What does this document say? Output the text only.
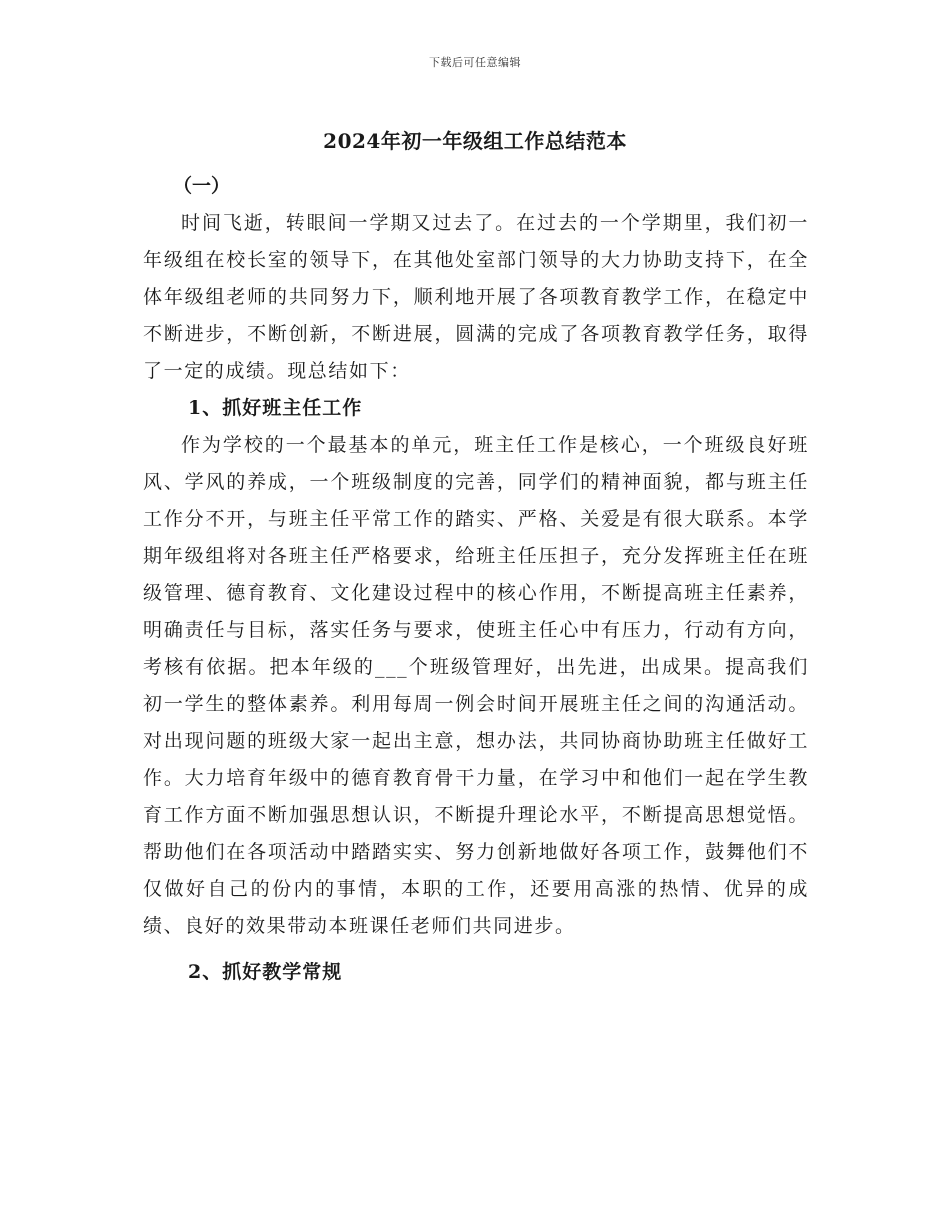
下载后可任意编辑
2024年初一年级组工作总结范本
（一）

时间飞逝，转眼间一学期又过去了。在过去的一个学期里，我们初一年级组在校长室的领导下，在其他处室部门领导的大力协助支持下，在全体年级组老师的共同努力下，顺利地开展了各项教育教学工作，在稳定中不断进步，不断创新，不断进展，圆满的完成了各项教育教学任务，取得了一定的成绩。现总结如下：

1、抓好班主任工作

作为学校的一个最基本的单元，班主任工作是核心，一个班级良好班风、学风的养成，一个班级制度的完善，同学们的精神面貌，都与班主任工作分不开，与班主任平常工作的踏实、严格、关爱是有很大联系。本学期年级组将对各班主任严格要求，给班主任压担子，充分发挥班主任在班级管理、德育教育、文化建设过程中的核心作用，不断提高班主任素养，明确责任与目标，落实任务与要求，使班主任心中有压力，行动有方向，考核有依据。把本年级的___个班级管理好，出先进，出成果。提高我们初一学生的整体素养。利用每周一例会时间开展班主任之间的沟通活动。对出现问题的班级大家一起出主意，想办法，共同协商协助班主任做好工作。大力培育年级中的德育教育骨干力量，在学习中和他们一起在学生教育工作方面不断加强思想认识，不断提升理论水平，不断提高思想觉悟。帮助他们在各项活动中踏踏实实、努力创新地做好各项工作，鼓舞他们不仅做好自己的份内的事情，本职的工作，还要用高涨的热情、优异的成绩、良好的效果带动本班课任老师们共同进步。

2、抓好教学常规
